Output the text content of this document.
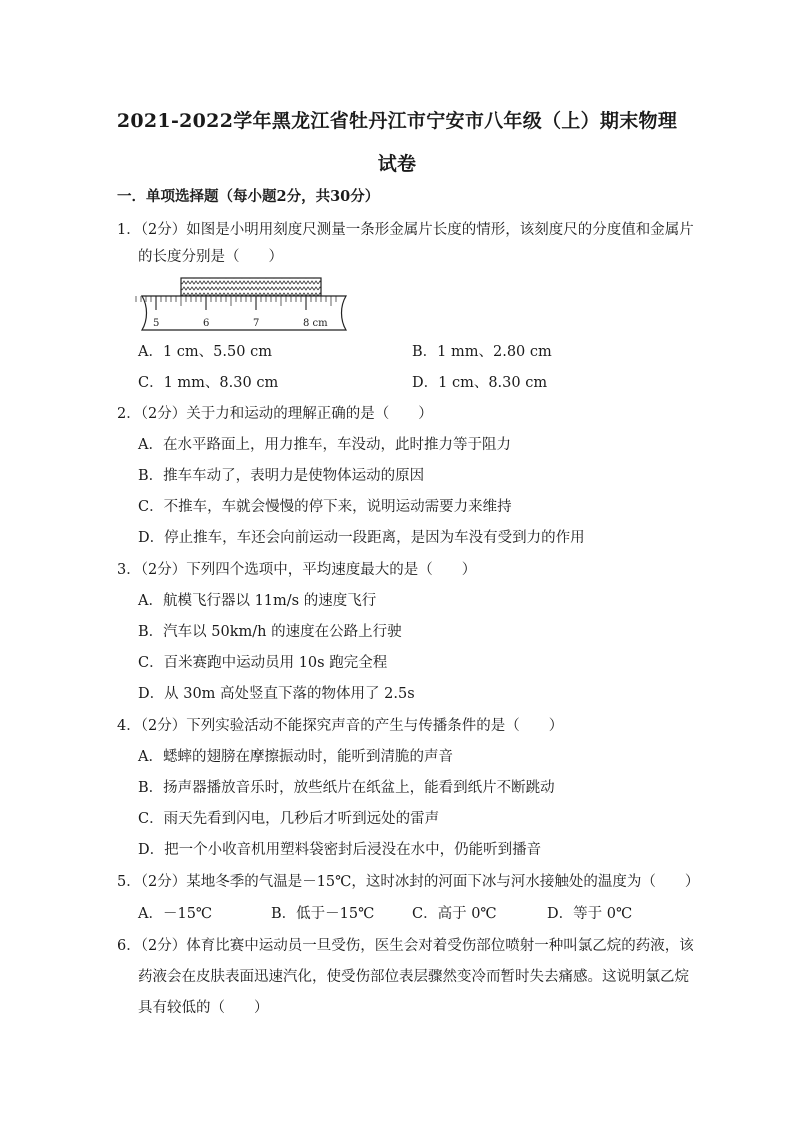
2021-2022学年黑龙江省牡丹江市宁安市八年级（上）期末物理
试卷
一．单项选择题（每小题2分，共30分）
1．（2分）如图是小明用刻度尺测量一条形金属片长度的情形，该刻度尺的分度值和金属片
的长度分别是（　　）
5	6	7	8 cm
A．1 cm、5.50 cm	B．1 mm、2.80 cm
C．1 mm、8.30 cm	D．1 cm、8.30 cm
2．（2分）关于力和运动的理解正确的是（　　）
A．在水平路面上，用力推车，车没动，此时推力等于阻力
B．推车车动了，表明力是使物体运动的原因
C．不推车，车就会慢慢的停下来，说明运动需要力来维持
D．停止推车，车还会向前运动一段距离，是因为车没有受到力的作用
3．（2分）下列四个选项中，平均速度最大的是（　　）
A．航模飞行器以 11m/s 的速度飞行
B．汽车以 50km/h 的速度在公路上行驶
C．百米赛跑中运动员用 10s 跑完全程
D．从 30m 高处竖直下落的物体用了 2.5s
4．（2分）下列实验活动不能探究声音的产生与传播条件的是（　　）
A．蟋蟀的翅膀在摩擦振动时，能听到清脆的声音
B．扬声器播放音乐时，放些纸片在纸盆上，能看到纸片不断跳动
C．雨天先看到闪电，几秒后才听到远处的雷声
D．把一个小收音机用塑料袋密封后浸没在水中，仍能听到播音
5．（2分）某地冬季的气温是－15℃，这时冰封的河面下冰与河水接触处的温度为（　　）
A．－15℃	B．低于－15℃	C．高于 0℃	D．等于 0℃
6．（2分）体育比赛中运动员一旦受伤，医生会对着受伤部位喷射一种叫氯乙烷的药液，该
药液会在皮肤表面迅速汽化，使受伤部位表层骤然变冷而暂时失去痛感。这说明氯乙烷
具有较低的（　　）
